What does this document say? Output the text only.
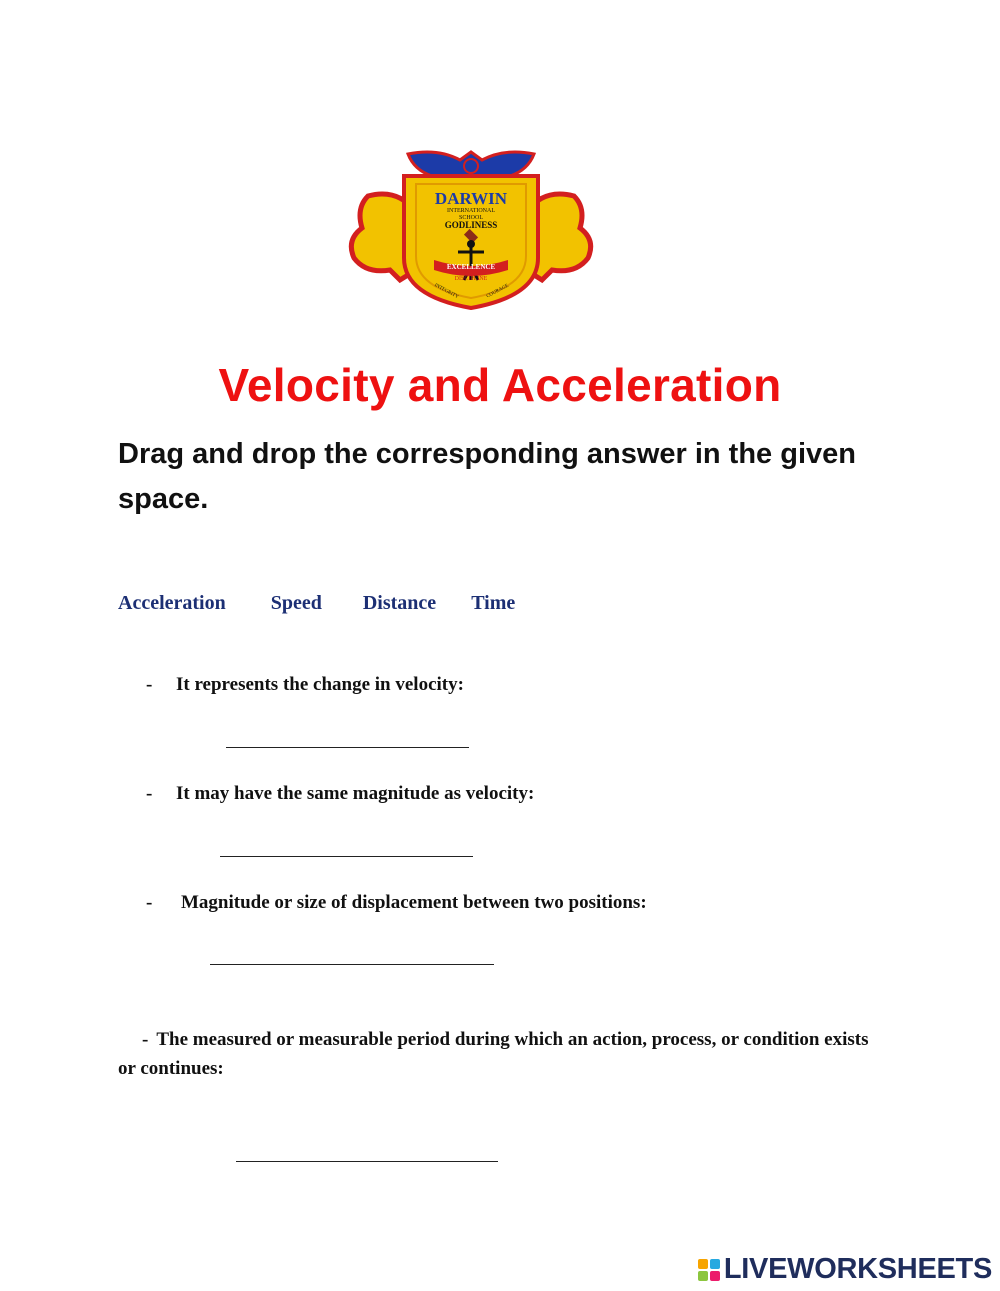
DARWIN
INTERNATIONAL
SCHOOL
GODLINESS
EXCELLENCE
DISCIPLINE
INTEGRITY	COURAGE
Velocity and Acceleration
Drag and drop the corresponding answer in the given space.
Acceleration Speed Distance Time
- It represents the change in velocity:
- It may have the same magnitude as velocity:
- Magnitude or size of displacement between two positions:
- The measured or measurable period during which an action, process, or condition exists or continues:
LIVEWORKSHEETS
